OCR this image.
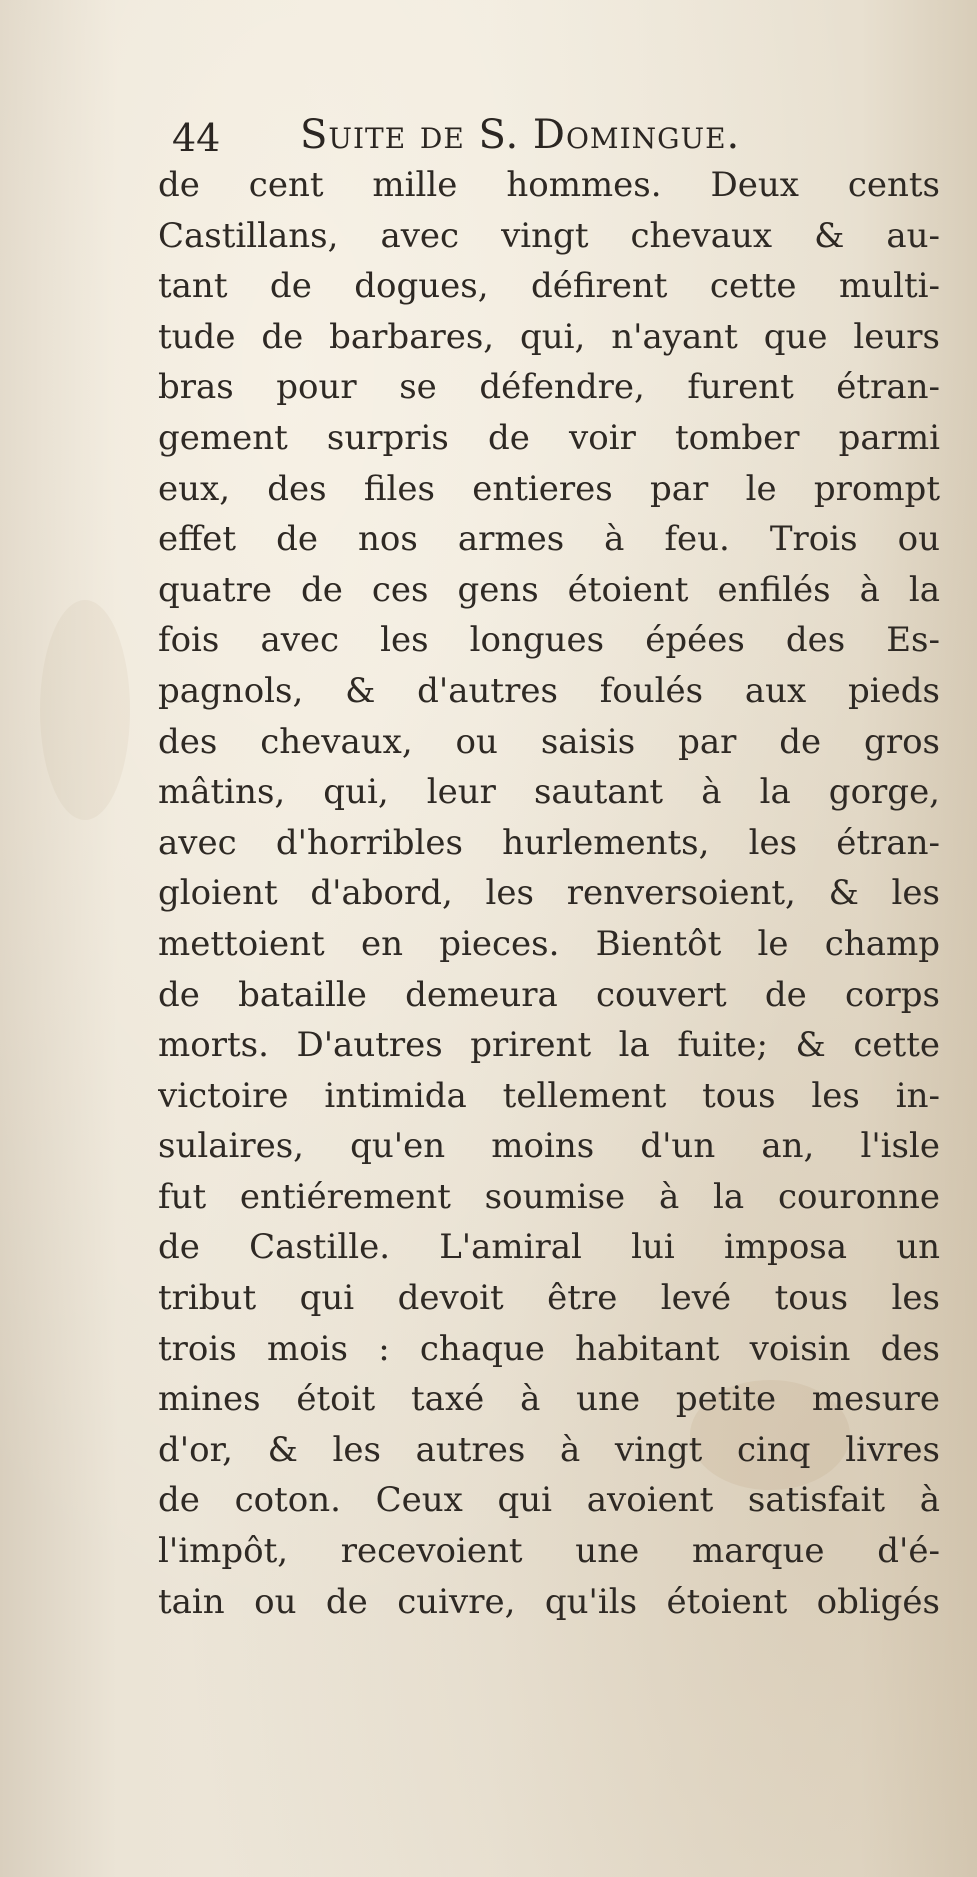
44 Suite de S. Domingue.
de cent mille hommes. Deux cents
Castillans, avec vingt chevaux & au-
tant de dogues, défirent cette multi-
tude de barbares, qui, n'ayant que leurs
bras pour se défendre, furent étran-
gement surpris de voir tomber parmi
eux, des files entieres par le prompt
effet de nos armes à feu. Trois ou
quatre de ces gens étoient enfilés à la
fois avec les longues épées des Es-
pagnols, & d'autres foulés aux pieds
des chevaux, ou saisis par de gros
mâtins, qui, leur sautant à la gorge,
avec d'horribles hurlements, les étran-
gloient d'abord, les renversoient, & les
mettoient en pieces. Bientôt le champ
de bataille demeura couvert de corps
morts. D'autres prirent la fuite; & cette
victoire intimida tellement tous les in-
sulaires, qu'en moins d'un an, l'isle
fut entiérement soumise à la couronne
de Castille. L'amiral lui imposa un
tribut qui devoit être levé tous les
trois mois : chaque habitant voisin des
mines étoit taxé à une petite mesure
d'or, & les autres à vingt cinq livres
de coton. Ceux qui avoient satisfait à
l'impôt, recevoient une marque d'é-
tain ou de cuivre, qu'ils étoient obligés
